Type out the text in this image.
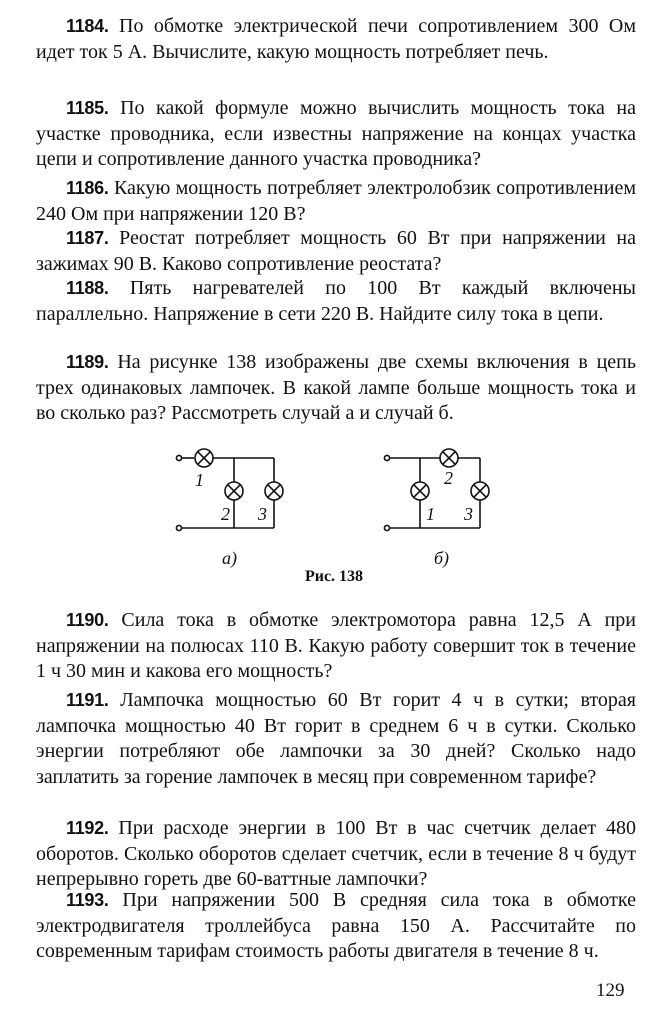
1184. По обмотке электрической печи сопротивлением 300 Ом идет ток 5 А. Вычислите, какую мощность потребляет печь.

1185. По какой формуле можно вычислить мощность тока на участке проводника, если известны напряжение на концах участка цепи и сопротивление данного участка проводника?

1186. Какую мощность потребляет электролобзик сопротивлением 240 Ом при напряжении 120 В?

1187. Реостат потребляет мощность 60 Вт при напряжении на зажимах 90 В. Каково сопротивление реостата?

1188. Пять нагревателей по 100 Вт каждый включены параллельно. Напряжение в сети 220 В. Найдите силу тока в цепи.

1189. На рисунке 138 изображены две схемы включения в цепь трех одинаковых лампочек. В какой лампе больше мощность тока и во сколько раз? Рассмотреть случай а и случай б.

1
2 3	1
2
3
а)	б)
Рис. 138

1190. Сила тока в обмотке электромотора равна 12,5 А при напряжении на полюсах 110 В. Какую работу совершит ток в течение 1 ч 30 мин и какова его мощность?

1191. Лампочка мощностью 60 Вт горит 4 ч в сутки; вторая лампочка мощностью 40 Вт горит в среднем 6 ч в сутки. Сколько энергии потребляют обе лампочки за 30 дней? Сколько надо заплатить за горение лампочек в месяц при современном тарифе?

1192. При расходе энергии в 100 Вт в час счетчик делает 480 оборотов. Сколько оборотов сделает счетчик, если в течение 8 ч будут непрерывно гореть две 60-ваттные лампочки?

1193. При напряжении 500 В средняя сила тока в обмотке электродвигателя троллейбуса равна 150 А. Рассчитайте по современным тарифам стоимость работы двигателя в течение 8 ч.

129
